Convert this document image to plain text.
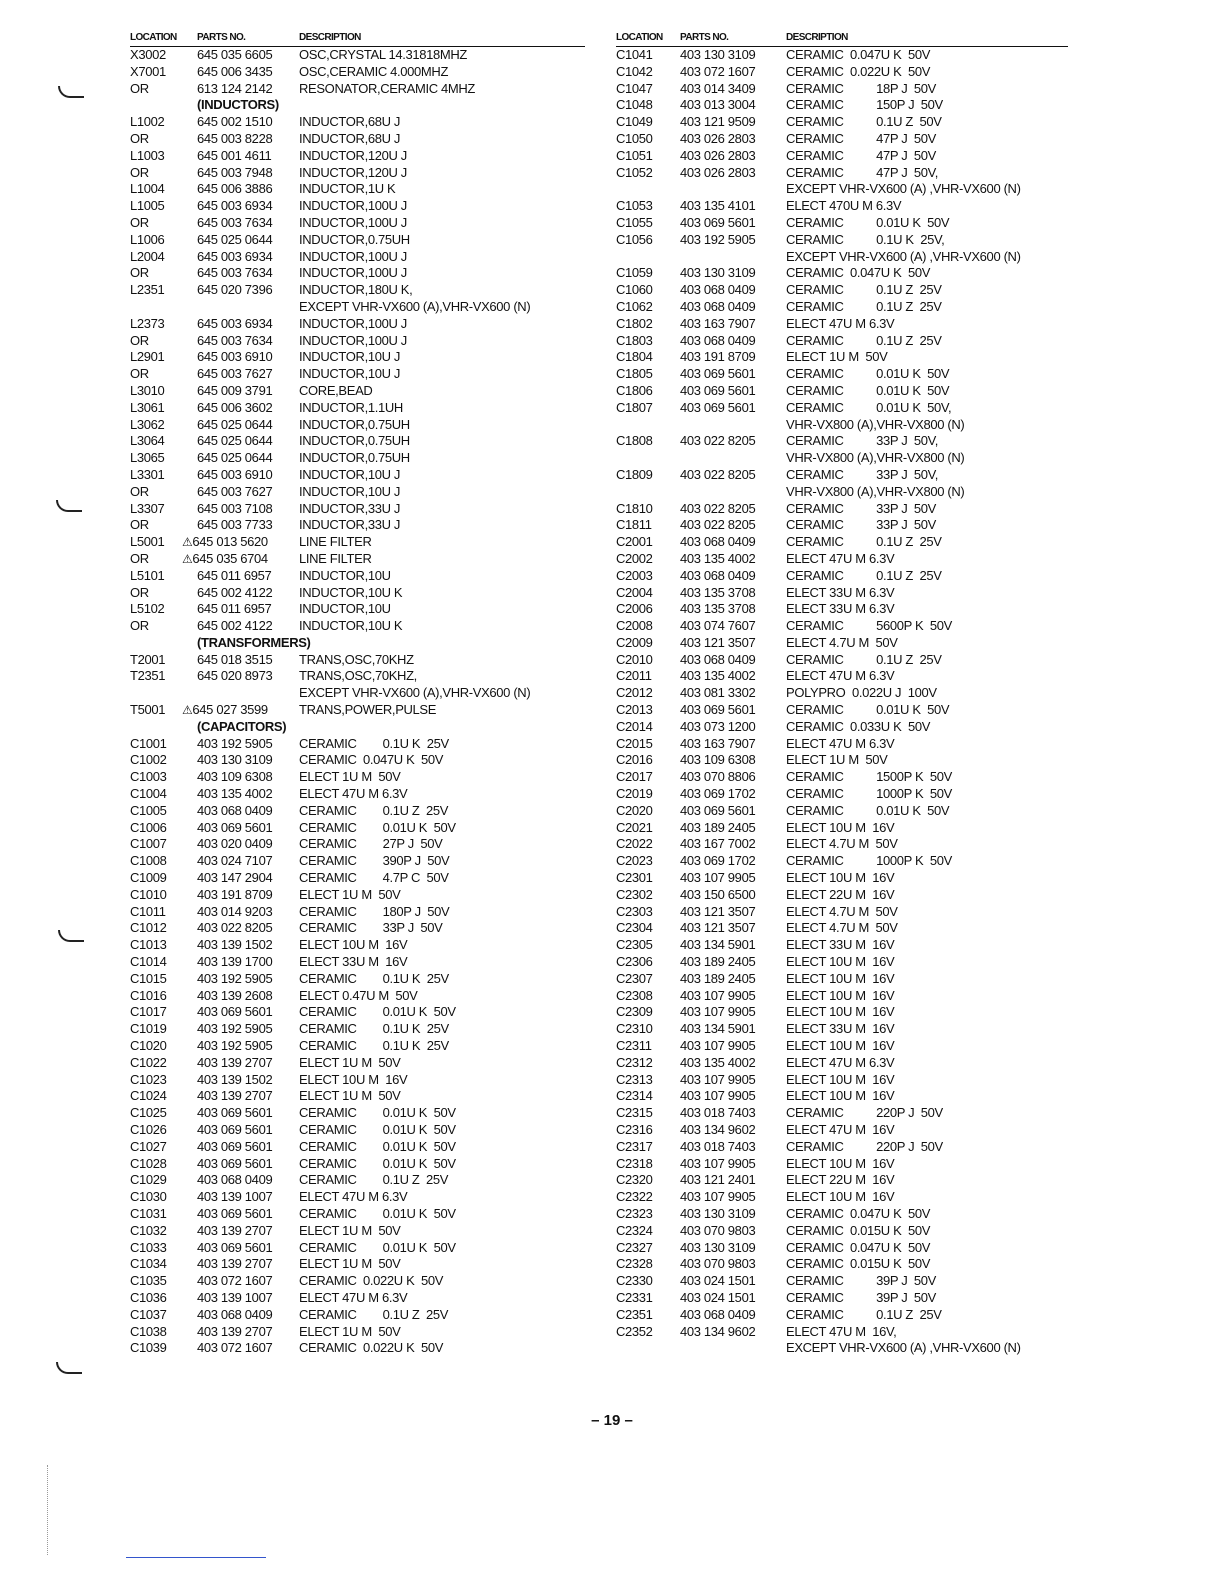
LOCATION PARTS NO.	DESCRIPTION
X3002 645 035 6605 OSC,CRYSTAL 14.31818MHZ
X7001 645 006 3435 OSC,CERAMIC 4.000MHZ
OR	613 124 2142 RESONATOR,CERAMIC 4MHZ
(INDUCTORS)
L1002	645 002 1510 INDUCTOR,68U J
OR	645 003 8228 INDUCTOR,68U J
L1003	645 001 4611 INDUCTOR,120U J
OR	645 003 7948 INDUCTOR,120U J
L1004	645 006 3886 INDUCTOR,1U K
L1005	645 003 6934 INDUCTOR,100U J
OR	645 003 7634 INDUCTOR,100U J
L1006	645 025 0644 INDUCTOR,0.75UH
L2004	645 003 6934 INDUCTOR,100U J
OR	645 003 7634 INDUCTOR,100U J
L2351	645 020 7396 INDUCTOR,180U K,
EXCEPT VHR-VX600 (A),VHR-VX600 (N)
L2373	645 003 6934 INDUCTOR,100U J
OR	645 003 7634 INDUCTOR,100U J
L2901	645 003 6910 INDUCTOR,10U J
OR	645 003 7627 INDUCTOR,10U J
L3010	645 009 3791 CORE,BEAD
L3061	645 006 3602 INDUCTOR,1.1UH
L3062	645 025 0644 INDUCTOR,0.75UH
L3064	645 025 0644 INDUCTOR,0.75UH
L3065	645 025 0644 INDUCTOR,0.75UH
L3301	645 003 6910 INDUCTOR,10U J
OR	645 003 7627 INDUCTOR,10U J
L3307	645 003 7108 INDUCTOR,33U J
OR	645 003 7733 INDUCTOR,33U J
L5001 ⚠645 013 5620 LINE FILTER
OR	⚠645 035 6704 LINE FILTER
L5101	645 011 6957 INDUCTOR,10U
OR	645 002 4122 INDUCTOR,10U K
L5102	645 011 6957 INDUCTOR,10U
OR	645 002 4122 INDUCTOR,10U K
(TRANSFORMERS)
T2001 645 018 3515 TRANS,OSC,70KHZ
T2351 645 020 8973 TRANS,OSC,70KHZ,
EXCEPT VHR-VX600 (A),VHR-VX600 (N)
T5001 ⚠645 027 3599 TRANS,POWER,PULSE
(CAPACITORS)
C1001 403 192 5905 CERAMIC        0.1U K  25V
C1002 403 130 3109 CERAMIC  0.047U K  50V
C1003 403 109 6308 ELECT 1U M  50V
C1004 403 135 4002 ELECT 47U M 6.3V
C1005 403 068 0409 CERAMIC        0.1U Z  25V
C1006 403 069 5601 CERAMIC        0.01U K  50V
C1007 403 020 0409 CERAMIC        27P J  50V
C1008 403 024 7107 CERAMIC        390P J  50V
C1009 403 147 2904 CERAMIC        4.7P C  50V
C1010 403 191 8709 ELECT 1U M  50V
C1011 403 014 9203 CERAMIC        180P J  50V
C1012 403 022 8205 CERAMIC        33P J  50V
C1013 403 139 1502 ELECT 10U M  16V
C1014 403 139 1700 ELECT 33U M  16V
C1015 403 192 5905 CERAMIC        0.1U K  25V
C1016 403 139 2608 ELECT 0.47U M  50V
C1017 403 069 5601 CERAMIC        0.01U K  50V
C1019 403 192 5905 CERAMIC        0.1U K  25V
C1020 403 192 5905 CERAMIC        0.1U K  25V
C1022 403 139 2707 ELECT 1U M  50V
C1023 403 139 1502 ELECT 10U M  16V
C1024 403 139 2707 ELECT 1U M  50V
C1025 403 069 5601 CERAMIC        0.01U K  50V
C1026 403 069 5601 CERAMIC        0.01U K  50V
C1027 403 069 5601 CERAMIC        0.01U K  50V
C1028 403 069 5601 CERAMIC        0.01U K  50V
C1029 403 068 0409 CERAMIC        0.1U Z  25V
C1030 403 139 1007 ELECT 47U M 6.3V
C1031 403 069 5601 CERAMIC        0.01U K  50V
C1032 403 139 2707 ELECT 1U M  50V
C1033 403 069 5601 CERAMIC        0.01U K  50V
C1034 403 139 2707 ELECT 1U M  50V
C1035 403 072 1607 CERAMIC  0.022U K  50V
C1036 403 139 1007 ELECT 47U M 6.3V
C1037 403 068 0409 CERAMIC        0.1U Z  25V
C1038 403 139 2707 ELECT 1U M  50V
C1039 403 072 1607 CERAMIC  0.022U K  50V
LOCATION PARTS NO.	DESCRIPTION
C1041 403 130 3109 CERAMIC  0.047U K  50V
C1042 403 072 1607 CERAMIC  0.022U K  50V
C1047 403 014 3409 CERAMIC          18P J  50V
C1048 403 013 3004 CERAMIC          150P J  50V
C1049 403 121 9509 CERAMIC          0.1U Z  50V
C1050 403 026 2803 CERAMIC          47P J  50V
C1051 403 026 2803 CERAMIC          47P J  50V
C1052 403 026 2803 CERAMIC          47P J  50V,
EXCEPT VHR-VX600 (A) ,VHR-VX600 (N)
C1053 403 135 4101 ELECT 470U M 6.3V
C1055 403 069 5601 CERAMIC          0.01U K  50V
C1056 403 192 5905 CERAMIC          0.1U K  25V,
EXCEPT VHR-VX600 (A) ,VHR-VX600 (N)
C1059 403 130 3109 CERAMIC  0.047U K  50V
C1060 403 068 0409 CERAMIC          0.1U Z  25V
C1062 403 068 0409 CERAMIC          0.1U Z  25V
C1802 403 163 7907 ELECT 47U M 6.3V
C1803 403 068 0409 CERAMIC          0.1U Z  25V
C1804 403 191 8709 ELECT 1U M  50V
C1805 403 069 5601 CERAMIC          0.01U K  50V
C1806 403 069 5601 CERAMIC          0.01U K  50V
C1807 403 069 5601 CERAMIC          0.01U K  50V,
VHR-VX800 (A),VHR-VX800 (N)
C1808 403 022 8205 CERAMIC          33P J  50V,
VHR-VX800 (A),VHR-VX800 (N)
C1809 403 022 8205 CERAMIC          33P J  50V,
VHR-VX800 (A),VHR-VX800 (N)
C1810 403 022 8205 CERAMIC          33P J  50V
C1811 403 022 8205 CERAMIC          33P J  50V
C2001 403 068 0409 CERAMIC          0.1U Z  25V
C2002 403 135 4002 ELECT 47U M 6.3V
C2003 403 068 0409 CERAMIC          0.1U Z  25V
C2004 403 135 3708 ELECT 33U M 6.3V
C2006 403 135 3708 ELECT 33U M 6.3V
C2008 403 074 7607 CERAMIC          5600P K  50V
C2009 403 121 3507 ELECT 4.7U M  50V
C2010 403 068 0409 CERAMIC          0.1U Z  25V
C2011 403 135 4002 ELECT 47U M 6.3V
C2012 403 081 3302 POLYPRO  0.022U J  100V
C2013 403 069 5601 CERAMIC          0.01U K  50V
C2014 403 073 1200 CERAMIC  0.033U K  50V
C2015 403 163 7907 ELECT 47U M 6.3V
C2016 403 109 6308 ELECT 1U M  50V
C2017 403 070 8806 CERAMIC          1500P K  50V
C2019 403 069 1702 CERAMIC          1000P K  50V
C2020 403 069 5601 CERAMIC          0.01U K  50V
C2021 403 189 2405 ELECT 10U M  16V
C2022 403 167 7002 ELECT 4.7U M  50V
C2023 403 069 1702 CERAMIC          1000P K  50V
C2301 403 107 9905 ELECT 10U M  16V
C2302 403 150 6500 ELECT 22U M  16V
C2303 403 121 3507 ELECT 4.7U M  50V
C2304 403 121 3507 ELECT 4.7U M  50V
C2305 403 134 5901 ELECT 33U M  16V
C2306 403 189 2405 ELECT 10U M  16V
C2307 403 189 2405 ELECT 10U M  16V
C2308 403 107 9905 ELECT 10U M  16V
C2309 403 107 9905 ELECT 10U M  16V
C2310 403 134 5901 ELECT 33U M  16V
C2311 403 107 9905 ELECT 10U M  16V
C2312 403 135 4002 ELECT 47U M 6.3V
C2313 403 107 9905 ELECT 10U M  16V
C2314 403 107 9905 ELECT 10U M  16V
C2315 403 018 7403 CERAMIC          220P J  50V
C2316 403 134 9602 ELECT 47U M  16V
C2317 403 018 7403 CERAMIC          220P J  50V
C2318 403 107 9905 ELECT 10U M  16V
C2320 403 121 2401 ELECT 22U M  16V
C2322 403 107 9905 ELECT 10U M  16V
C2323 403 130 3109 CERAMIC  0.047U K  50V
C2324 403 070 9803 CERAMIC  0.015U K  50V
C2327 403 130 3109 CERAMIC  0.047U K  50V
C2328 403 070 9803 CERAMIC  0.015U K  50V
C2330 403 024 1501 CERAMIC          39P J  50V
C2331 403 024 1501 CERAMIC          39P J  50V
C2351 403 068 0409 CERAMIC          0.1U Z  25V
C2352 403 134 9602 ELECT 47U M  16V,
EXCEPT VHR-VX600 (A) ,VHR-VX600 (N)
– 19 –
